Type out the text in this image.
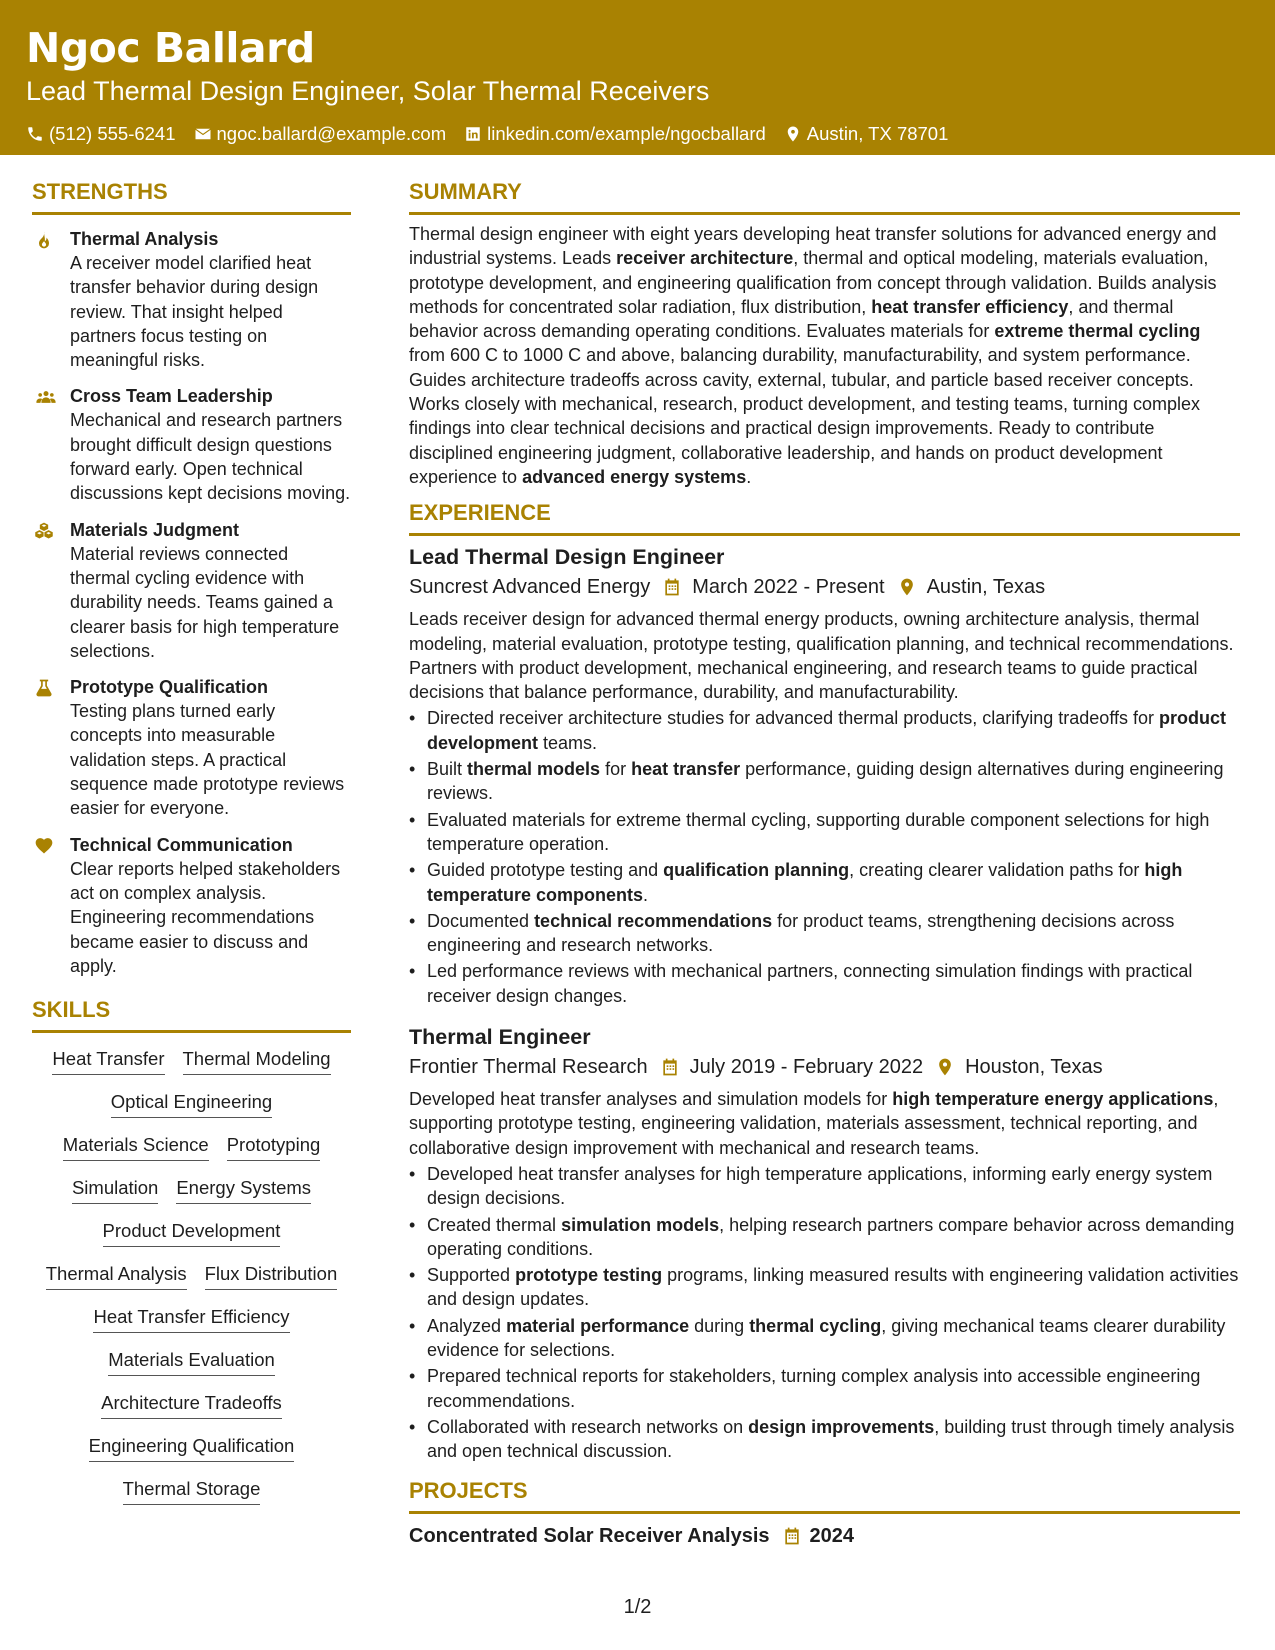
Ngoc Ballard
Lead Thermal Design Engineer, Solar Thermal Receivers
(512) 555-6241 ngoc.ballard@example.com linkedin.com/example/ngocballard Austin, TX 78701
STRENGTHS
Thermal Analysis
A receiver model clarified heat transfer behavior during design review. That insight helped partners focus testing on meaningful risks.
Cross Team Leadership
Mechanical and research partners brought difficult design questions forward early. Open technical discussions kept decisions moving.
Materials Judgment
Material reviews connected thermal cycling evidence with durability needs. Teams gained a clearer basis for high temperature selections.
Prototype Qualification
Testing plans turned early concepts into measurable validation steps. A practical sequence made prototype reviews easier for everyone.
Technical Communication
Clear reports helped stakeholders act on complex analysis. Engineering recommendations became easier to discuss and apply.
SKILLS
Heat Transfer Thermal Modeling
Optical Engineering
Materials Science Prototyping
Simulation Energy Systems
Product Development
Thermal Analysis Flux Distribution
Heat Transfer Efficiency
Materials Evaluation
Architecture Tradeoffs
Engineering Qualification
Thermal Storage
SUMMARY
Thermal design engineer with eight years developing heat transfer solutions for advanced energy and industrial systems. Leads receiver architecture, thermal and optical modeling, materials evaluation, prototype development, and engineering qualification from concept through validation. Builds analysis methods for concentrated solar radiation, flux distribution, heat transfer efficiency, and thermal behavior across demanding operating conditions. Evaluates materials for extreme thermal cycling from 600 C to 1000 C and above, balancing durability, manufacturability, and system performance. Guides architecture tradeoffs across cavity, external, tubular, and particle based receiver concepts. Works closely with mechanical, research, product development, and testing teams, turning complex findings into clear technical decisions and practical design improvements. Ready to contribute disciplined engineering judgment, collaborative leadership, and hands on product development experience to advanced energy systems.
EXPERIENCE
Lead Thermal Design Engineer
Suncrest Advanced Energy March 2022 - Present Austin, Texas
Leads receiver design for advanced thermal energy products, owning architecture analysis, thermal modeling, material evaluation, prototype testing, qualification planning, and technical recommendations. Partners with product development, mechanical engineering, and research teams to guide practical decisions that balance performance, durability, and manufacturability.
• Directed receiver architecture studies for advanced thermal products, clarifying tradeoffs for product development teams.
• Built thermal models for heat transfer performance, guiding design alternatives during engineering reviews.
• Evaluated materials for extreme thermal cycling, supporting durable component selections for high temperature operation.
• Guided prototype testing and qualification planning, creating clearer validation paths for high temperature components.
• Documented technical recommendations for product teams, strengthening decisions across engineering and research networks.
• Led performance reviews with mechanical partners, connecting simulation findings with practical receiver design changes.
Thermal Engineer
Frontier Thermal Research July 2019 - February 2022 Houston, Texas
Developed heat transfer analyses and simulation models for high temperature energy applications, supporting prototype testing, engineering validation, materials assessment, technical reporting, and collaborative design improvement with mechanical and research teams.
• Developed heat transfer analyses for high temperature applications, informing early energy system design decisions.
• Created thermal simulation models, helping research partners compare behavior across demanding operating conditions.
• Supported prototype testing programs, linking measured results with engineering validation activities and design updates.
• Analyzed material performance during thermal cycling, giving mechanical teams clearer durability evidence for selections.
• Prepared technical reports for stakeholders, turning complex analysis into accessible engineering recommendations.
• Collaborated with research networks on design improvements, building trust through timely analysis and open technical discussion.
PROJECTS
Concentrated Solar Receiver Analysis 2024
1/2
